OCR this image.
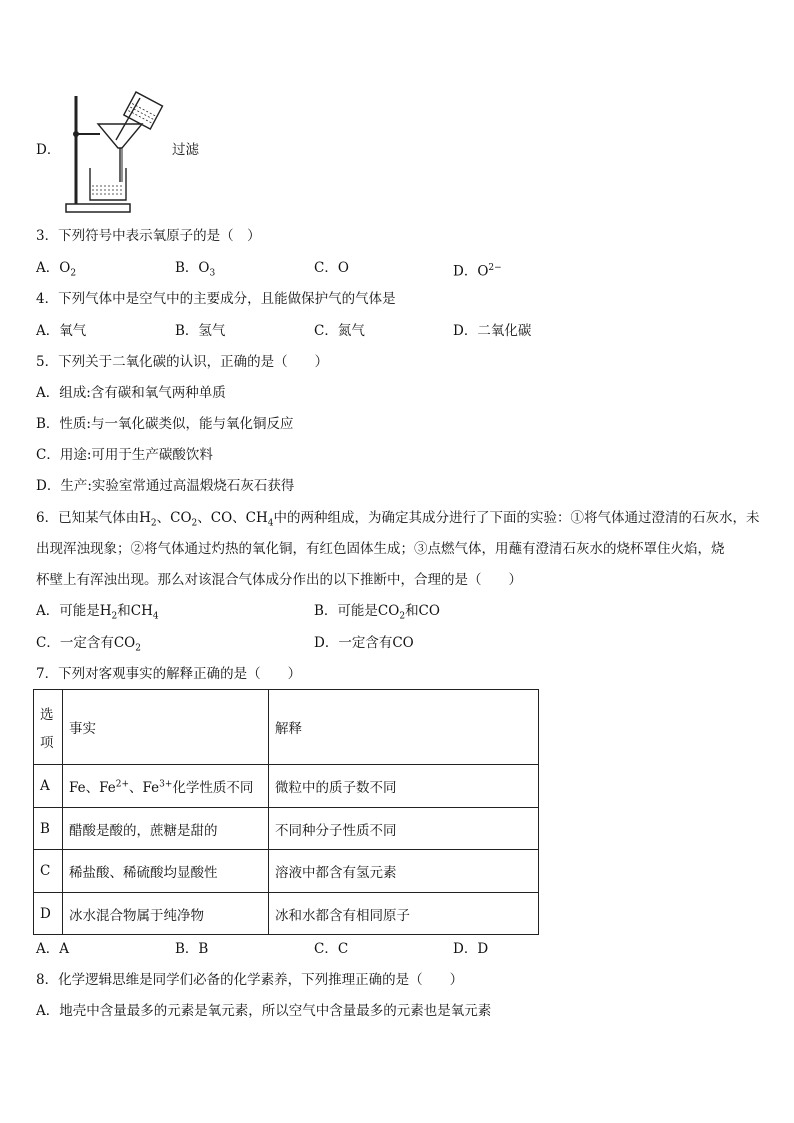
D．	过滤
3．下列符号中表示氧原子的是（　）
A．$O_2$	B．$O_3$	C．O	D．$O^{2-}$
4．下列气体中是空气中的主要成分，且能做保护气的气体是
A．氧气	B．氢气	C．氮气	D．二氧化碳
5．下列关于二氧化碳的认识，正确的是（　　）
A．组成:含有碳和氧气两种单质
B．性质:与一氧化碳类似，能与氧化铜反应
C．用途:可用于生产碳酸饮料
D．生产:实验室常通过高温煅烧石灰石获得
6．已知某气体由$H_2$、$CO_2$、CO、$CH_4$中的两种组成，为确定其成分进行了下面的实验：①将气体通过澄清的石灰水，未
出现浑浊现象；②将气体通过灼热的氧化铜，有红色固体生成；③点燃气体，用蘸有澄清石灰水的烧杯罩住火焰，烧
杯壁上有浑浊出现。那么对该混合气体成分作出的以下推断中，合理的是（　　）
A．可能是$H_2$和$CH_4$	B．可能是$CO_2$和CO
C．一定含有$CO_2$	D．一定含有CO
7．下列对客观事实的解释正确的是（　　）
选
项	事实	解释
A	Fe、$Fe^{2+}$、$Fe^{3+}$化学性质不同	微粒中的质子数不同
B	醋酸是酸的，蔗糖是甜的	不同种分子性质不同
C	稀盐酸、稀硫酸均显酸性	溶液中都含有氢元素
D	冰水混合物属于纯净物	冰和水都含有相同原子
A．A	B．B	C．C	D．D
8．化学逻辑思维是同学们必备的化学素养，下列推理正确的是（　　）
A．地壳中含量最多的元素是氧元素，所以空气中含量最多的元素也是氧元素
